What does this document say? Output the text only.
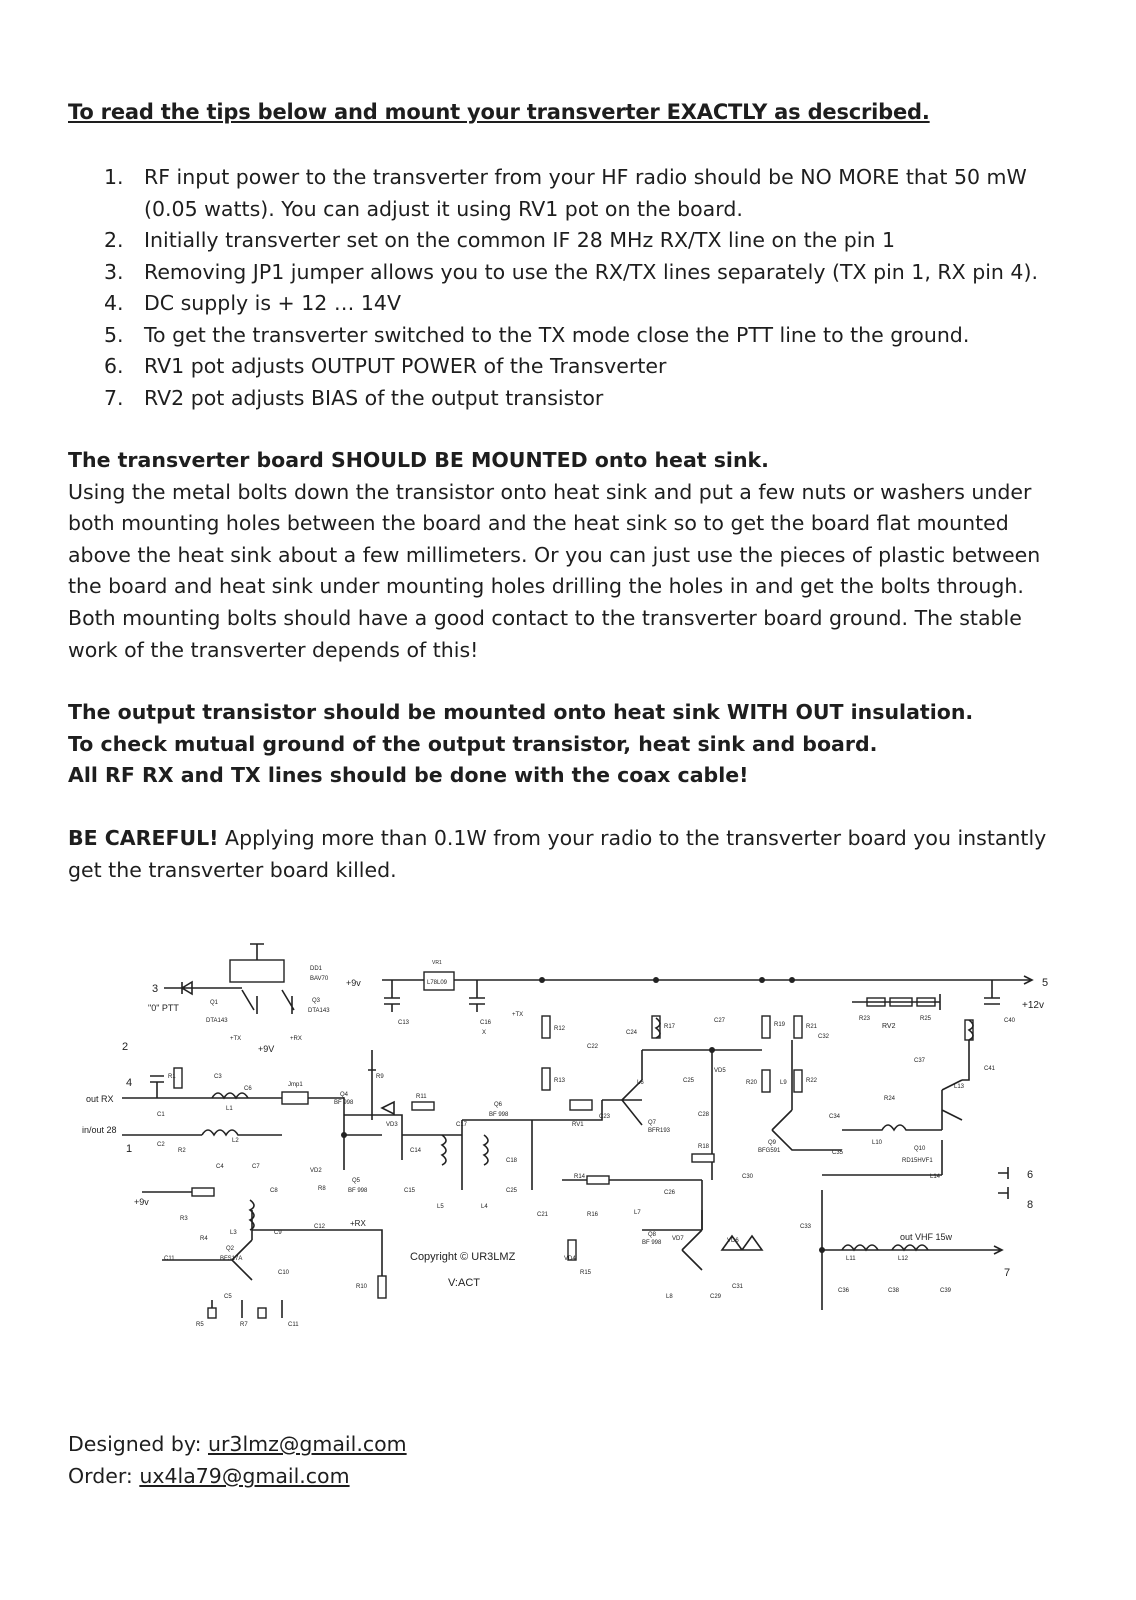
To read the tips below and mount your transverter EXACTLY as described.

1. RF input power to the transverter from your HF radio should be NO MORE that 50 mW
(0.05 watts). You can adjust it using RV1 pot on the board.
2. Initially transverter set on the common IF 28 MHz RX/TX line on the pin 1
3. Removing JP1 jumper allows you to use the RX/TX lines separately (TX pin 1, RX pin 4).
4. DC supply is + 12 … 14V
5. To get the transverter switched to the TX mode close the PTT line to the ground.
6. RV1 pot adjusts OUTPUT POWER of the Transverter
7. RV2 pot adjusts BIAS of the output transistor
The transverter board SHOULD BE MOUNTED onto heat sink.
Using the metal bolts down the transistor onto heat sink and put a few nuts or washers under
both mounting holes between the board and the heat sink so to get the board flat mounted
above the heat sink about a few millimeters. Or you can just use the pieces of plastic between
the board and heat sink under mounting holes drilling the holes in and get the bolts through.
Both mounting bolts should have a good contact to the transverter board ground. The stable
work of the transverter depends of this!
The output transistor should be mounted onto heat sink WITH OUT insulation.
To check mutual ground of the output transistor, heat sink and board.
All RF RX and TX lines should be done with the coax cable!
BE CAREFUL! Applying more than 0.1W from your radio to the transverter board you instantly
get the transverter board killed.
3
"0" PTT
2
4
out RX
in/out 28
1
5
+12v
6
8
7
+9v
DD1
BAV70 +9v
VR1
L78L09
Q1
DTA143
Q3
DTA143
+TX
+9V
+RX
C13	C16
+TX
X
R23
RV2
R25	C40
C32
C37
C41
L13
R1	C3
C1
C2
R2
C4	C7
L1
L2
C6
Jmp1
Q4
BF 998
VD3
R9
R11
C17
C14
C15
L5	L4
C18
C25
Q6
BF 998
RV1
R12
R13
C22
C23
C24
R17
C27
VD5
L6	C25
Q7
BFR193
C28
R18
R19
R20
R21
R22
L9
Q9
BFG591
C30
C34
C35
L10
Q10
RD15HVF1
R24
VD2
Q5
BF 998
R8
+RX
R14
C26
C21	R16	L7
Q8
BF 998
VD7	VD6
VD4
R15
L8	C29
C31
C33
L14
out VHF 15w
L11	L12
C36	C38	C39
C8
R3
R4
L3	C9
Q2
BFS17A
C11
C10
C12
R10
C5
R5	R7	C11
Copyright © UR3LMZ
V:ACT
Designed by: ur3lmz@gmail.com
Order: ux4la79@gmail.com
